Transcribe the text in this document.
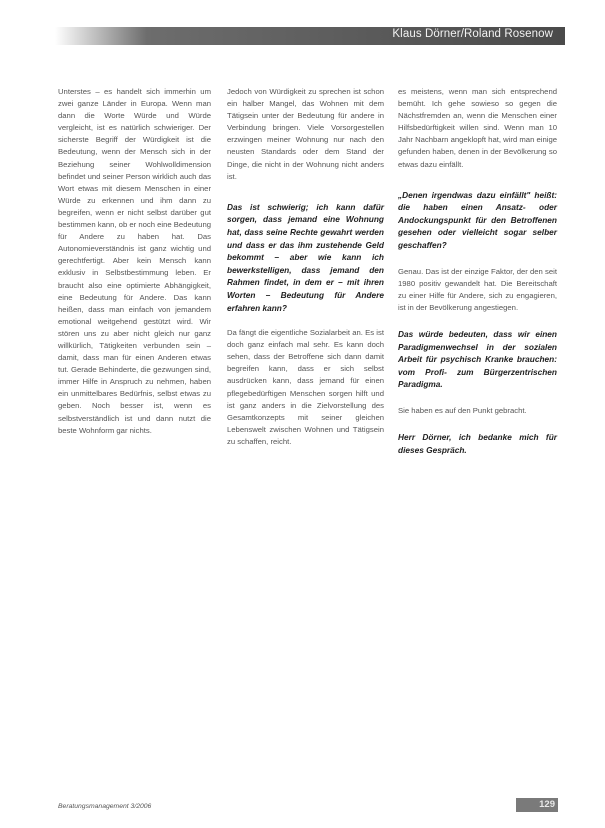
Klaus Dörner/Roland Rosenow

Unterstes – es handelt sich immerhin um zwei ganze Länder in Europa. Wenn man dann die Worte Würde und Würde vergleicht, ist es natürlich schwieriger. Der sicherste Begriff der Würdigkeit ist die Bedeutung, wenn der Mensch sich in der Beziehung seiner Wohlwolldimension befindet und seiner Person wirklich auch das Wort etwas mit diesem Menschen in einer Würde zu erkennen und ihm dann zu begreifen, wenn er nicht selbst darüber gut bestimmen kann, ob er noch eine Bedeutung für Andere zu haben hat. Das Autonomieverständnis ist ganz wichtig und gerechtfertigt. Aber kein Mensch kann exklusiv in Selbstbestimmung leben. Er braucht also eine optimierte Abhängigkeit, eine Bedeutung für Andere. Das kann heißen, dass man einfach von jemandem emotional weitgehend gestützt wird. Wir stören uns zu aber nicht gleich nur ganz willkürlich, Tätigkeiten verbunden sein – damit, dass man für einen Anderen etwas tut. Gerade Behinderte, die gezwungen sind, immer Hilfe in Anspruch zu nehmen, haben ein unmittelbares Bedürfnis, selbst etwas zu geben. Noch besser ist, wenn es selbstverständlich ist und dann nutzt die beste Wohnform gar nichts.

Jedoch von Würdigkeit zu sprechen ist schon ein halber Mangel, das Wohnen mit dem Tätigsein unter der Bedeutung für andere in Verbindung bringen. Viele Vorsorgestellen erzwingen meiner Wohnung nur nach den neusten Standards oder dem Stand der Dinge, die nicht in der Wohnung nicht anders ist.

Das ist schwierig; ich kann dafür sorgen, dass jemand eine Wohnung hat, dass seine Rechte gewahrt werden und dass er das ihm zustehende Geld bekommt – aber wie kann ich bewerkstelligen, dass jemand den Rahmen findet, in dem er – mit ihren Worten – Bedeutung für Andere erfahren kann?

Da fängt die eigentliche Sozialarbeit an. Es ist doch ganz einfach mal sehr. Es kann doch sehen, dass der Betroffene sich dann damit begreifen kann, dass er sich selbst ausdrücken kann, dass jemand für einen pflegebedürftigen Menschen sorgen hilft und ist ganz anders in die Zielvorstellung des Gesamtkonzepts mit seiner gleichen Lebenswelt zwischen Wohnen und Tätigsein zu schaffen, reicht.

es meistens, wenn man sich entsprechend bemüht. Ich gehe sowieso so gegen die Nächstfremden an, wenn die Menschen einer Hilfsbedürftigkeit willen sind. Wenn man 10 Jahr Nachbarn angeklopft hat, wird man einige gefunden haben, denen in der Bevölkerung so etwas dazu einfällt.

„Denen irgendwas dazu einfällt" heißt: die haben einen Ansatz- oder Andockungspunkt für den Betroffenen gesehen oder vielleicht sogar selber geschaffen?

Genau. Das ist der einzige Faktor, der den seit 1980 positiv gewandelt hat. Die Bereitschaft zu einer Hilfe für Andere, sich zu engagieren, ist in der Bevölkerung angestiegen.

Das würde bedeuten, dass wir einen Paradigmenwechsel in der sozialen Arbeit für psychisch Kranke brauchen: vom Profi- zum Bürgerzentrischen Paradigma.

Sie haben es auf den Punkt gebracht.

Herr Dörner, ich bedanke mich für dieses Gespräch.

Beratungsmanagement 3/2006	129
